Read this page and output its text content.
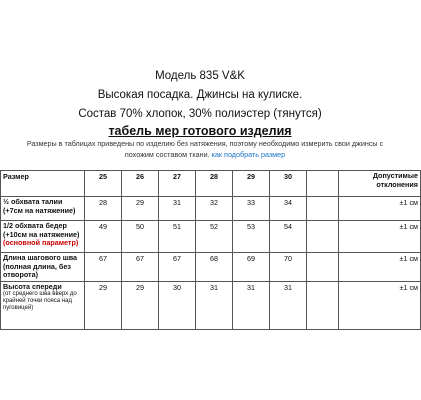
Модель 835 V&K
Высокая посадка. Джинсы на кулиске.
Состав 70% хлопок, 30% полиэстер (тянутся)
табель мер готового изделия
Размеры в таблицах приведены по изделию без натяжения, поэтому необходимо измерить свои джинсы с похожим составом ткани. как подобрать размер
Размер	25	26	27	28	29	30		Допустимые отклонения
½ обхвата талии (+7см на натяжение)	28	29	31	32	33	34		±1 см
1/2 обхвата бедер (+10см на натяжение) (основной параметр)	49	50	51	52	53	54		±1 см
Длина шагового шва (полная длина, без отворота)	67	67	67	68	69	70		±1 см
Высота спереди
(от среднего шва вверх до крайней точки пояса над пуговицей)	29	29	30	31	31	31		±1 см
